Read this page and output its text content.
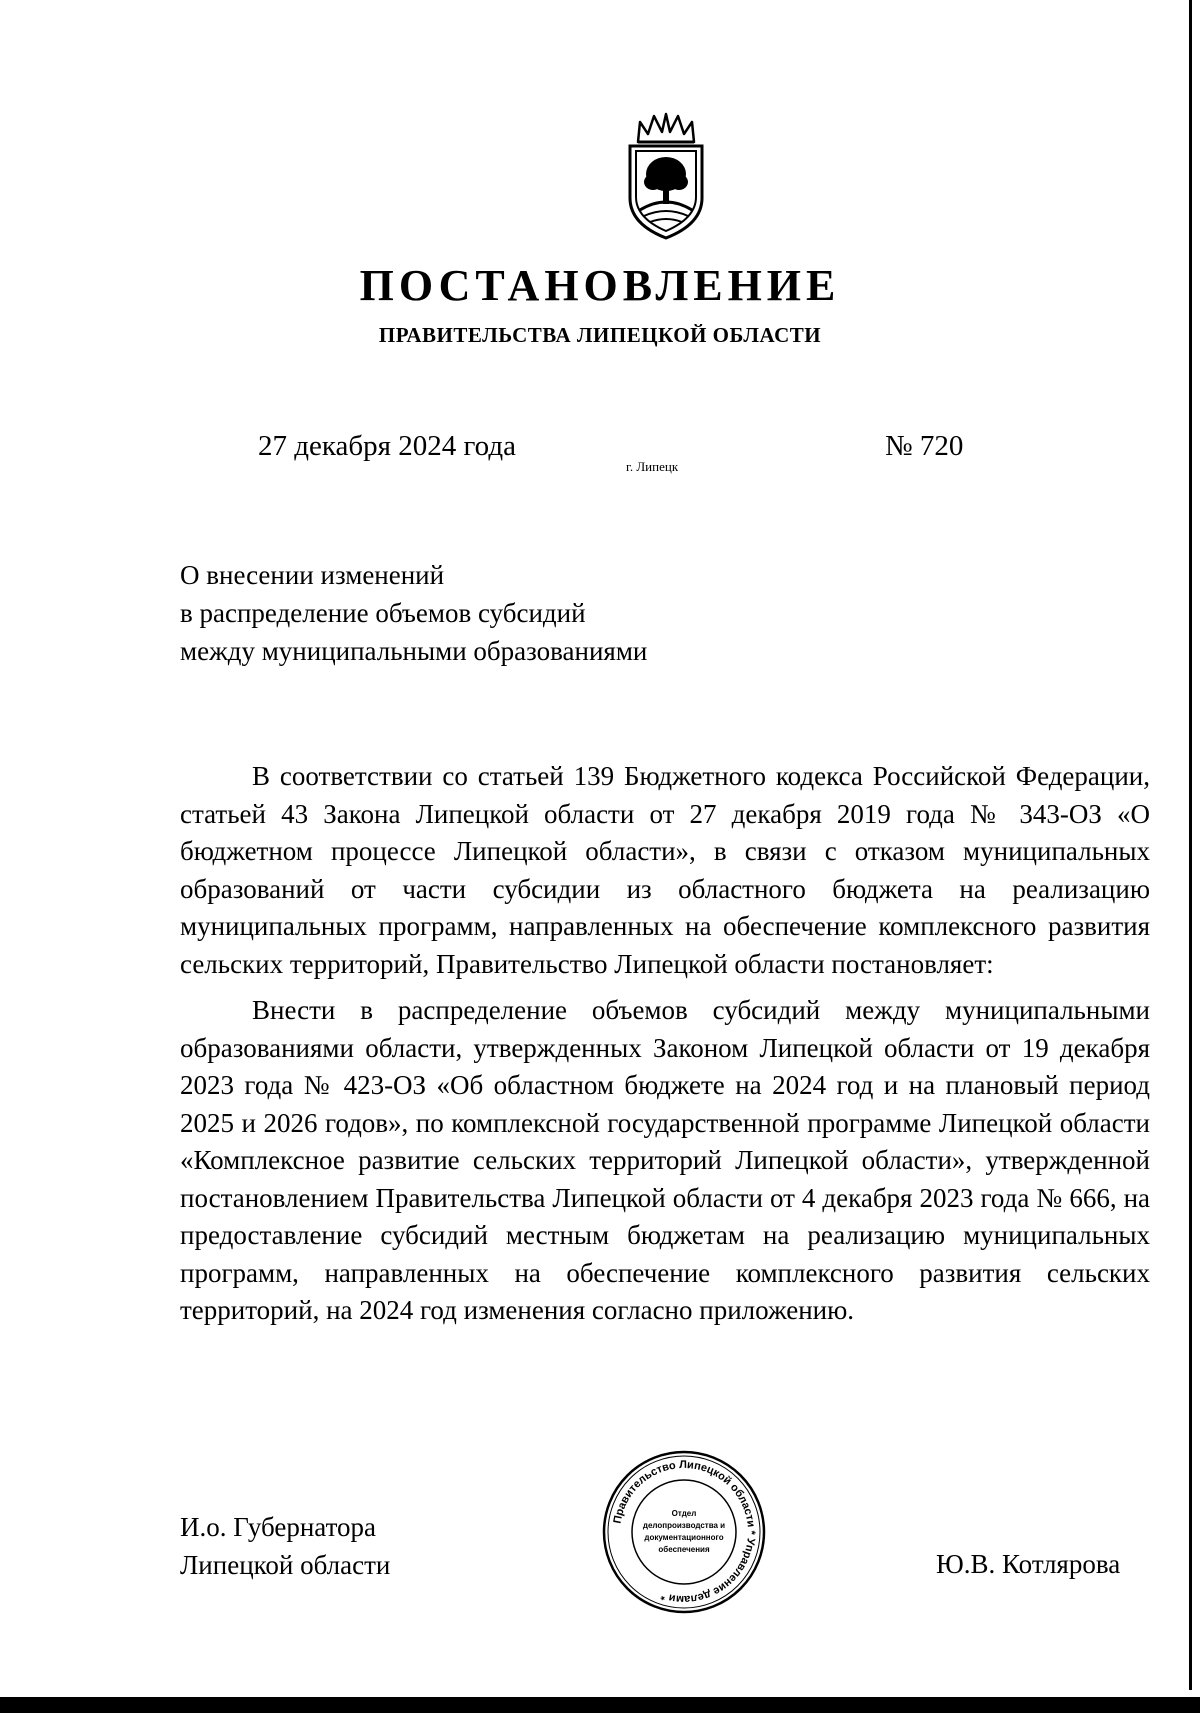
ПОСТАНОВЛЕНИЕ
ПРАВИТЕЛЬСТВА ЛИПЕЦКОЙ ОБЛАСТИ
27 декабря 2024 года
г. Липецк
№ 720
О внесении изменений
в распределение объемов субсидий
между муниципальными образованиями

В соответствии со статьей 139 Бюджетного кодекса Российской Федерации, статьей 43 Закона Липецкой области от 27 декабря 2019 года № 343-ОЗ «О бюджетном процессе Липецкой области», в связи с отказом муниципальных образований от части субсидии из областного бюджета на реализацию муниципальных программ, направленных на обеспечение комплексного развития сельских территорий, Правительство Липецкой области постановляет:

Внести в распределение объемов субсидий между муниципальными образованиями области, утвержденных Законом Липецкой области от 19 декабря 2023 года № 423-ОЗ «Об областном бюджете на 2024 год и на плановый период 2025 и 2026 годов», по комплексной государственной программе Липецкой области «Комплексное развитие сельских территорий Липецкой области», утвержденной постановлением Правительства Липецкой области от 4 декабря 2023 года № 666, на предоставление субсидий местным бюджетам на реализацию муниципальных программ, направленных на обеспечение комплексного развития сельских территорий, на 2024 год изменения согласно приложению.

И.о. Губернатора
Липецкой области	Ю.В. Котлярова
Правительство Липецкой области * Управление делами *
Отдел
делопроизводства и
документационного
обеспечения
